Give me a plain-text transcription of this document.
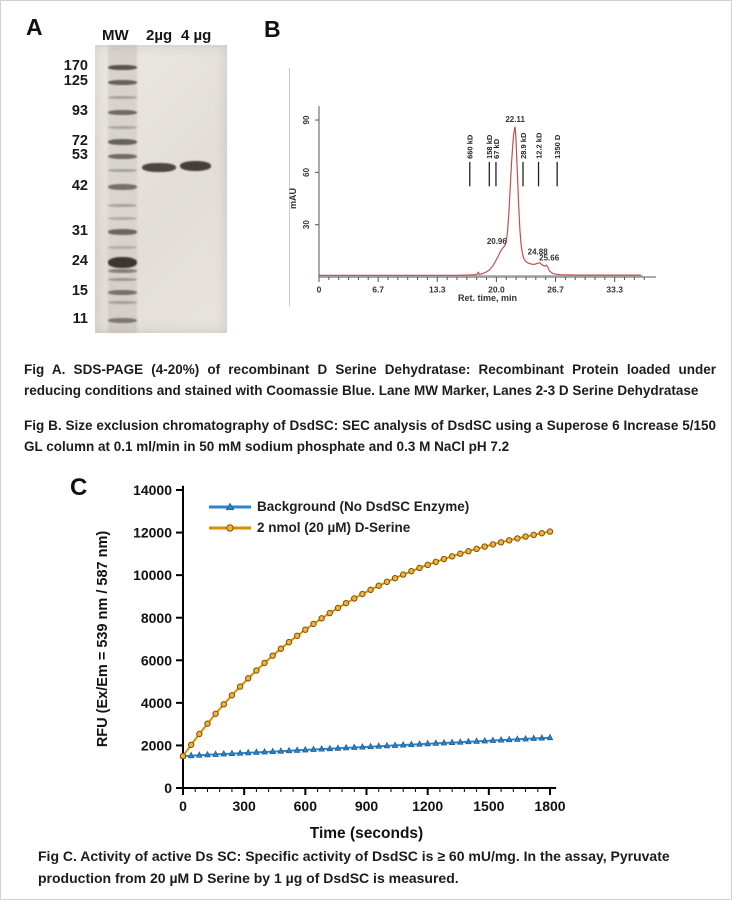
A	MW 2µg 4 µg
170
125
93
72
53
42
31
24
15
11
B
0	6.7	13.3	20.0	26.7	33.3
30
60
90
660 kD 158 kD
67 kD 28.9 kD 12.2 kD 1350 D
22.11
20.96
24.88
25.66
Ret. time, min
mAU
Fig A. SDS-PAGE (4-20%) of recombinant D Serine Dehydratase: Recombinant Protein loaded under reducing conditions and stained with Coomassie Blue. Lane MW Marker, Lanes 2-3 D Serine Dehydratase
Fig B. Size exclusion chromatography of DsdSC: SEC analysis of DsdSC using a Superose 6 Increase 5/150 GL column at 0.1 ml/min in 50 mM sodium phosphate and 0.3 M NaCl pH 7.2
C
0	300	600	900 1200 1500 1800
0
2000
4000
6000
8000
10000
12000
14000
Time (seconds)
RFU (Ex/Em = 539 nm / 587 nm)
Background (No DsdSC Enzyme)
2 nmol (20 µM) D-Serine
Fig C. Activity of active Ds SC: Specific activity of DsdSC is ≥ 60 mU/mg. In the assay, Pyruvate production from 20 µM D Serine by 1 µg of DsdSC is measured.
